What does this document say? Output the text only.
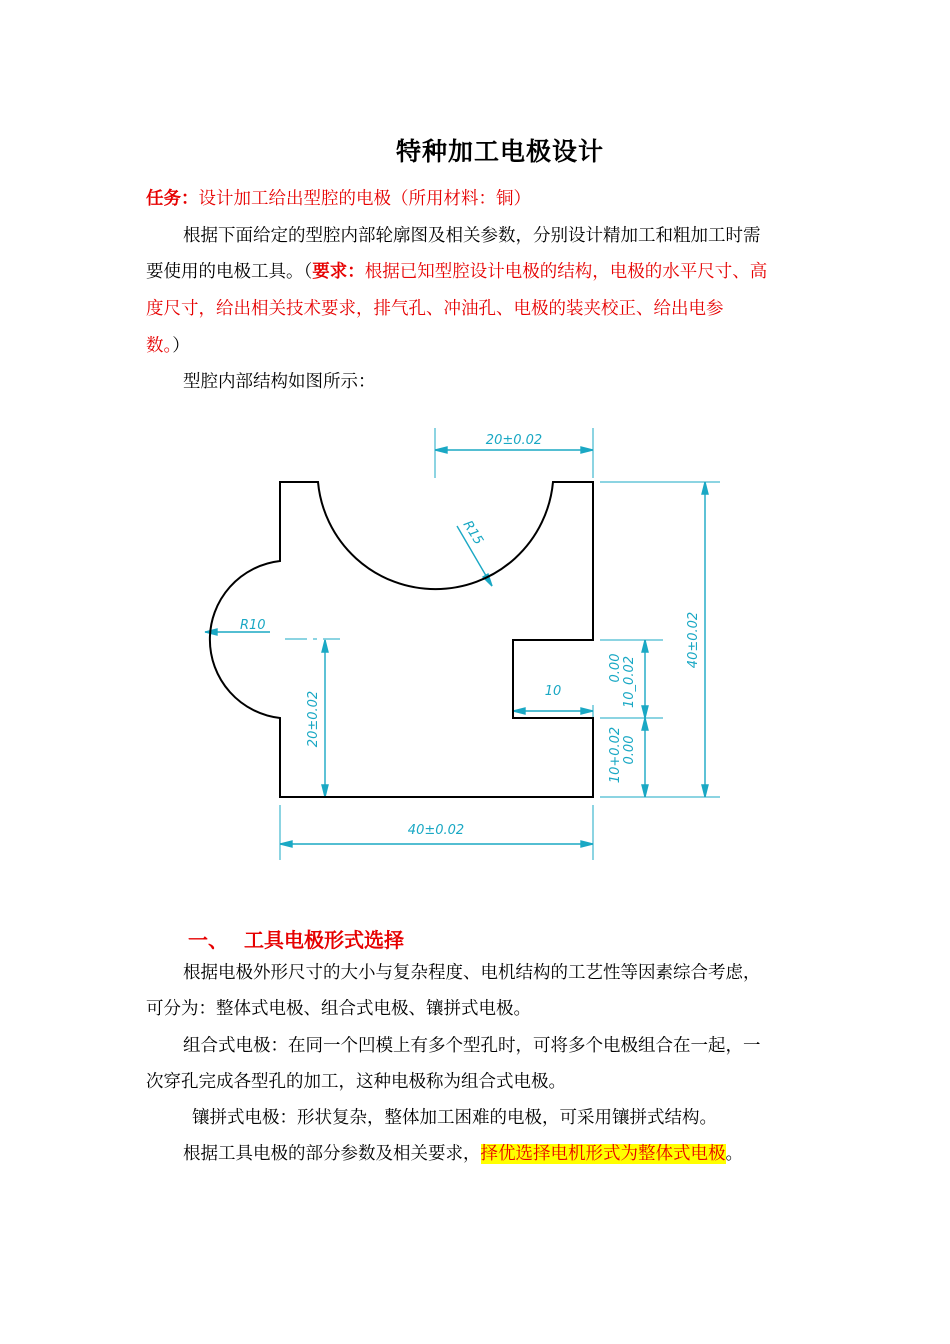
特种加工电极设计
任务：设计加工给出型腔的电极（所用材料：铜）
根据下面给定的型腔内部轮廓图及相关参数，分别设计精加工和粗加工时需
要使用的电极工具。（要求：根据已知型腔设计电极的结构，电极的水平尺寸、高
度尺寸，给出相关技术要求，排气孔、冲油孔、电极的装夹校正、给出电参
数。）
型腔内部结构如图所示：
20±0.02
R15
R10	40±0.02
20±0.02
40±0.02
10
0.00 10_0.02
10+0.02 0.00
一、 工具电极形式选择
根据电极外形尺寸的大小与复杂程度、电机结构的工艺性等因素综合考虑，
可分为：整体式电极、组合式电极、镶拼式电极。
组合式电极：在同一个凹模上有多个型孔时，可将多个电极组合在一起，一
次穿孔完成各型孔的加工，这种电极称为组合式电极。
镶拼式电极：形状复杂，整体加工困难的电极，可采用镶拼式结构。
根据工具电极的部分参数及相关要求，择优选择电机形式为整体式电极。
